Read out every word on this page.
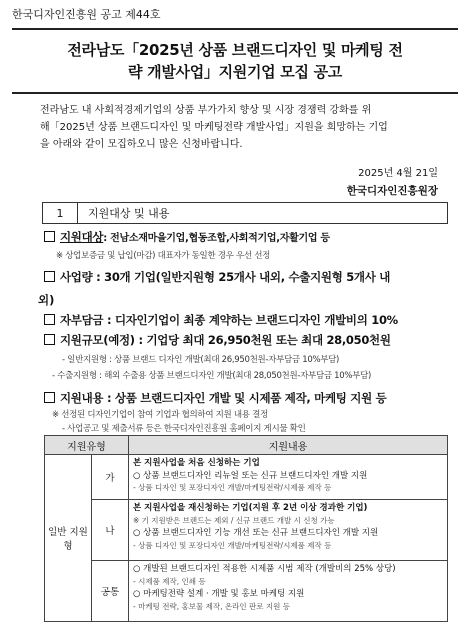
한국디자인진흥원 공고 제44호
전라남도「2025년 상품 브랜드디자인 및 마케팅 전
략 개발사업」지원기업 모집 공고
전라남도 내 사회적경제기업의 상품 부가가치 향상 및 시장 경쟁력 강화를 위
해「2025년 상품 브랜드디자인 및 마케팅전략 개발사업」지원을 희망하는 기업
을 아래와 같이 모집하오니 많은 신청바랍니다.
2025년 4월 21일
한국디자인진흥원장
1	지원대상 및 내용
지원대상: 전남소재마을기업,협동조합,사회적기업,자활기업 등
※ 상업보증금 및 납입(마감) 대표자가 동일한 경우 우선 선정
사업량 : 30개 기업(일반지원형 25개사 내외, 수출지원형 5개사 내
외)
자부담금 : 디자인기업이 최종 계약하는 브랜드디자인 개발비의 10%
지원규모(예정) : 기업당 최대 26,950천원 또는 최대 28,050천원
- 일반지원형 : 상품 브랜드 디자인 개발(최대 26,950천원-자부담금 10%부담)
- 수출지원형 : 해외 수출용 상품 브랜드디자인 개발(최대 28,050천원-자부담금 10%부담)
지원내용 : 상품 브랜드디자인 개발 및 시제품 제작, 마케팅 지원 등
※ 선정된 디자인기업이 참여 기업과 협의하여 지원 내용 결정
- 사업공고 및 제출서류 등은 한국디자인진흥원 홈페이지 게시물 확인
지원유형		지원내용
일반 지원형	가	본 지원사업을 처음 신청하는 기업
○ 상품 브랜드디자인 리뉴얼 또는 신규 브랜드디자인 개발 지원
- 상품 디자인 및 포장디자인 개발/마케팅전략/시제품 제작 등

	나	본 지원사업을 재신청하는 기업(지원 후 2년 이상 경과한 기업)
※ 기 지원받은 브랜드는 제외 / 신규 브랜드 개발 시 신청 가능
○ 상품 브랜드디자인 기능 개선 또는 신규 브랜드디자인 개발 지원
- 상품 디자인 및 포장디자인 개발/마케팅전략/시제품 제작 등

	공통	○ 개발된 브랜드디자인 적용한 시제품 시범 제작 (개발비의 25% 상당)
- 시제품 제작, 인쇄 등
○ 마케팅전략 설계 · 개발 및 홍보 마케팅 지원
- 마케팅 전략, 홍보물 제작, 온라인 판로 지원 등
